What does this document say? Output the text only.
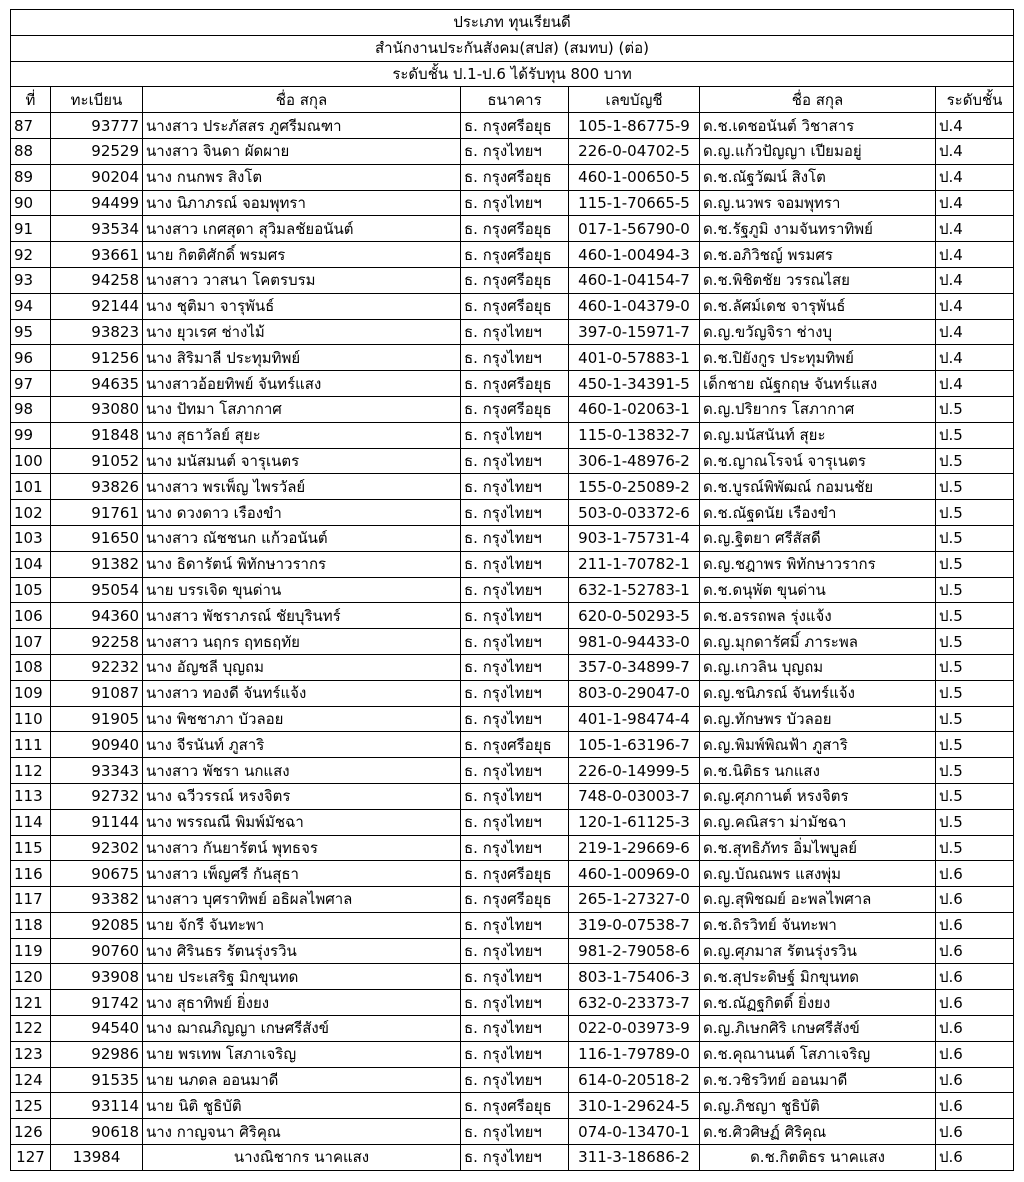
ประเภท ทุนเรียนดี						
สำนักงานประกันสังคม(สปส) (สมทบ) (ต่อ)						
ระดับชั้น ป.1-ป.6 ได้รับทุน 800 บาท						
ที่	ทะเบียน	ชื่อ สกุล	ธนาคาร	เลขบัญชี	ชื่อ สกุล	ระดับชั้น
87	93777	นางสาว ประภัสสร ภูศรีมณฑา	ธ. กรุงศรีอยุธ	105-1-86775-9	ด.ช.เดชอนันต์ วิชาสาร	ป.4
88	92529	นางสาว จินดา ผัดผาย	ธ. กรุงไทยฯ	226-0-04702-5	ด.ญ.แก้วปัญญา เปียมอยู่	ป.4
89	90204	นาง กนกพร สิงโต	ธ. กรุงศรีอยุธ	460-1-00650-5	ด.ช.ณัฐวัฒน์ สิงโต	ป.4
90	94499	นาง นิภาภรณ์ จอมพุทรา	ธ. กรุงไทยฯ	115-1-70665-5	ด.ญ.นวพร จอมพุทรา	ป.4
91	93534	นางสาว เกศสุดา สุวิมลชัยอนันต์	ธ. กรุงศรีอยุธ	017-1-56790-0	ด.ช.รัฐภูมิ งามจันทราทิพย์	ป.4
92	93661	นาย กิตติศักดิ์ พรมศร	ธ. กรุงศรีอยุธ	460-1-00494-3	ด.ช.อภิวิชญ์ พรมศร	ป.4
93	94258	นางสาว วาสนา โคตรบรม	ธ. กรุงศรีอยุธ	460-1-04154-7	ด.ช.พิชิตชัย วรรณไสย	ป.4
94	92144	นาง ชุติมา จารุพันธ์	ธ. กรุงศรีอยุธ	460-1-04379-0	ด.ช.ลัศม์เดช จารุพันธ์	ป.4
95	93823	นาง ยุวเรศ ช่างไม้	ธ. กรุงไทยฯ	397-0-15971-7	ด.ญ.ขวัญจิรา ช่างบุ	ป.4
96	91256	นาง สิริมาลี ประทุมทิพย์	ธ. กรุงไทยฯ	401-0-57883-1	ด.ช.ปิยังกูร ประทุมทิพย์	ป.4
97	94635	นางสาวอ้อยทิพย์ จันทร์แสง	ธ. กรุงศรีอยุธ	450-1-34391-5	เด็กชาย ณัฐกฤษ จันทร์แสง	ป.4
98	93080	นาง ปัทมา โสภากาศ	ธ. กรุงศรีอยุธ	460-1-02063-1	ด.ญ.ปริยากร โสภากาศ	ป.5
99	91848	นาง สุธาวัลย์ สุยะ	ธ. กรุงไทยฯ	115-0-13832-7	ด.ญ.มนัสนันท์ สุยะ	ป.5
100	91052	นาง มนัสมนต์ จารุเนตร	ธ. กรุงไทยฯ	306-1-48976-2	ด.ช.ญาณโรจน์ จารุเนตร	ป.5
101	93826	นางสาว พรเพ็ญ ไพรวัลย์	ธ. กรุงไทยฯ	155-0-25089-2	ด.ช.บูรณ์พิพัฒณ์ กอมนชัย	ป.5
102	91761	นาง ดวงดาว เรืองขำ	ธ. กรุงไทยฯ	503-0-03372-6	ด.ช.ณัฐดนัย เรืองขำ	ป.5
103	91650	นางสาว ณัชชนก แก้วอนันต์	ธ. กรุงไทยฯ	903-1-75731-4	ด.ญ.ฐิตยา ศรีสัสดี	ป.5
104	91382	นาง ธิดารัตน์ พิทักษาวรากร	ธ. กรุงไทยฯ	211-1-70782-1	ด.ญ.ชฎาพร พิทักษาวรากร	ป.5
105	95054	นาย บรรเจิด ขุนด่าน	ธ. กรุงไทยฯ	632-1-52783-1	ด.ช.ดนุพัต ขุนด่าน	ป.5
106	94360	นางสาว พัชราภรณ์ ชัยบุรินทร์	ธ. กรุงไทยฯ	620-0-50293-5	ด.ช.อรรถพล รุ่งแจ้ง	ป.5
107	92258	นางสาว นฤกร ฤทธฤทัย	ธ. กรุงไทยฯ	981-0-94433-0	ด.ญ.มุกดารัศมิ์ ภาระพล	ป.5
108	92232	นาง อัญชลี บุญถม	ธ. กรุงไทยฯ	357-0-34899-7	ด.ญ.เกวลิน บุญถม	ป.5
109	91087	นางสาว ทองดี จันทร์แจ้ง	ธ. กรุงไทยฯ	803-0-29047-0	ด.ญ.ชนิภรณ์ จันทร์แจ้ง	ป.5
110	91905	นาง พิชชาภา บัวลอย	ธ. กรุงไทยฯ	401-1-98474-4	ด.ญ.ทักษพร บัวลอย	ป.5
111	90940	นาง จีรนันท์ ภูสาริ	ธ. กรุงศรีอยุธ	105-1-63196-7	ด.ญ.พิมพ์พิณฟ้า ภูสาริ	ป.5
112	93343	นางสาว พัชรา นกแสง	ธ. กรุงไทยฯ	226-0-14999-5	ด.ช.นิติธร นกแสง	ป.5
113	92732	นาง ฉวีวรรณ์ หรงจิตร	ธ. กรุงไทยฯ	748-0-03003-7	ด.ญ.ศุภกานต์ หรงจิตร	ป.5
114	91144	นาง พรรณณี พิมพ์มัชฉา	ธ. กรุงไทยฯ	120-1-61125-3	ด.ญ.คณิสรา ม่ามัชฉา	ป.5
115	92302	นางสาว กันยารัตน์ พุทธจร	ธ. กรุงไทยฯ	219-1-29669-6	ด.ช.สุทธิภัทร อิ่มไพบูลย์	ป.5
116	90675	นางสาว เพ็ญศรี กันสุธา	ธ. กรุงศรีอยุธ	460-1-00969-0	ด.ญ.บัณณพร แสงพุ่ม	ป.6
117	93382	นางสาว บุศราทิพย์ อธิผลไพศาล	ธ. กรุงศรีอยุธ	265-1-27327-0	ด.ญ.สุพิชฌย์ อะพลไพศาล	ป.6
118	92085	นาย จักรี จันทะพา	ธ. กรุงไทยฯ	319-0-07538-7	ด.ช.ถิรวิทย์ จันทะพา	ป.6
119	90760	นาง ศิรินธร รัตนรุ่งรวิน	ธ. กรุงไทยฯ	981-2-79058-6	ด.ญ.ศุภมาส รัตนรุ่งรวิน	ป.6
120	93908	นาย ประเสริฐ มิกขุนทด	ธ. กรุงไทยฯ	803-1-75406-3	ด.ช.สุประดิษฐ์ มิกขุนทด	ป.6
121	91742	นาง สุธาทิพย์ ยิ่งยง	ธ. กรุงไทยฯ	632-0-23373-7	ด.ช.ณัฏฐกิตติ์ ยิ่งยง	ป.6
122	94540	นาง ฌาณภิญญา เกษศรีสังข์	ธ. กรุงไทยฯ	022-0-03973-9	ด.ญ.ภิเษกศิริ เกษศรีสังข์	ป.6
123	92986	นาย พรเทพ โสภาเจริญ	ธ. กรุงไทยฯ	116-1-79789-0	ด.ช.คุณานนต์ โสภาเจริญ	ป.6
124	91535	นาย นภดล ออนมาดี	ธ. กรุงไทยฯ	614-0-20518-2	ด.ช.วชิรวิทย์ ออนมาดี	ป.6
125	93114	นาย นิติ ชูธิบัติ	ธ. กรุงศรีอยุธ	310-1-29624-5	ด.ญ.ภิชญา ชูธิบัติ	ป.6
126	90618	นาง กาญจนา ศิริคุณ	ธ. กรุงไทยฯ	074-0-13470-1	ด.ช.ศิวศิษฏ์ ศิริคุณ	ป.6
127	13984	นางณิชากร นาคแสง	ธ. กรุงไทยฯ	311-3-18686-2	ด.ช.กิตติธร นาคแสง	ป.6
